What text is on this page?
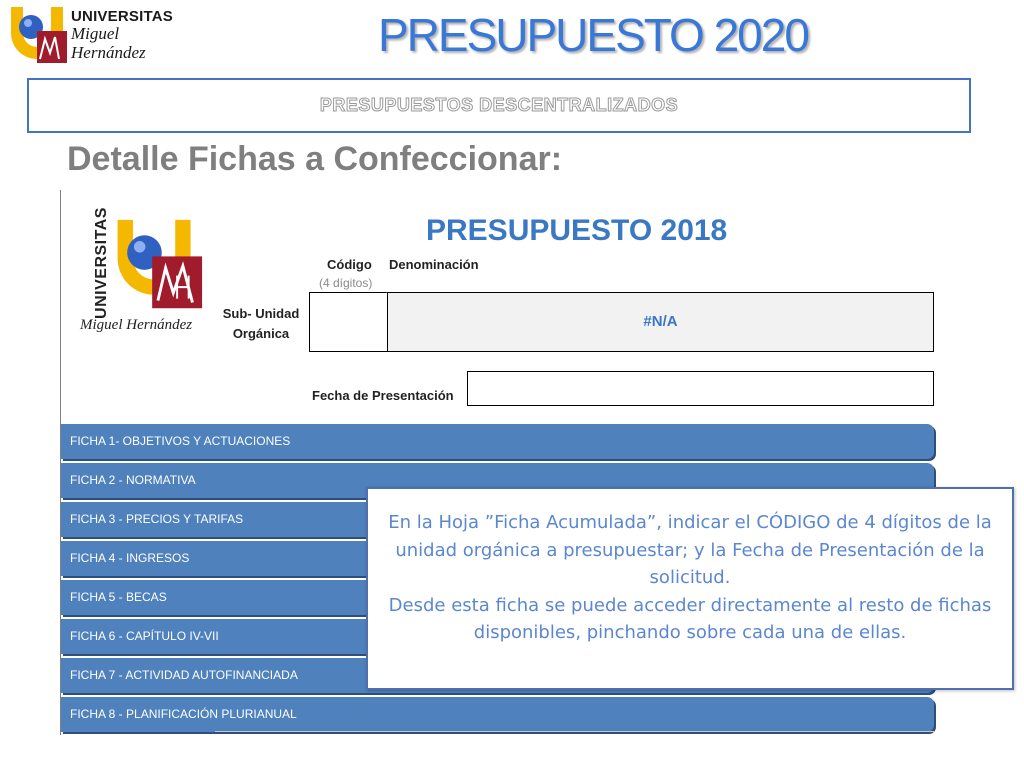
UNIVERSITAS
Miguel
Hernández	PRESUPUESTO 2020
PRESUPUESTOS DESCENTRALIZADOS
Detalle Fichas a Confeccionar:
UNIVERSITAS
Miguel Hernández
PRESUPUESTO 2018
Código
(4 dígitos)
Denominación
Sub- Unidad Orgánica
#N/A
Fecha de Presentación
FICHA 1- OBJETIVOS Y ACTUACIONES
FICHA 2 - NORMATIVA
FICHA 3 - PRECIOS Y TARIFAS
FICHA 4 - INGRESOS
FICHA 5 - BECAS
FICHA 6 - CAPÍTULO IV-VII
FICHA 7 - ACTIVIDAD AUTOFINANCIADA
FICHA 8 - PLANIFICACIÓN PLURIANUAL

En la Hoja ”Ficha Acumulada”, indicar el CÓDIGO de 4 dígitos de la unidad orgánica a presupuestar; y la Fecha de Presentación de la solicitud.
Desde esta ficha se puede acceder directamente al resto de fichas disponibles, pinchando sobre cada una de ellas.
